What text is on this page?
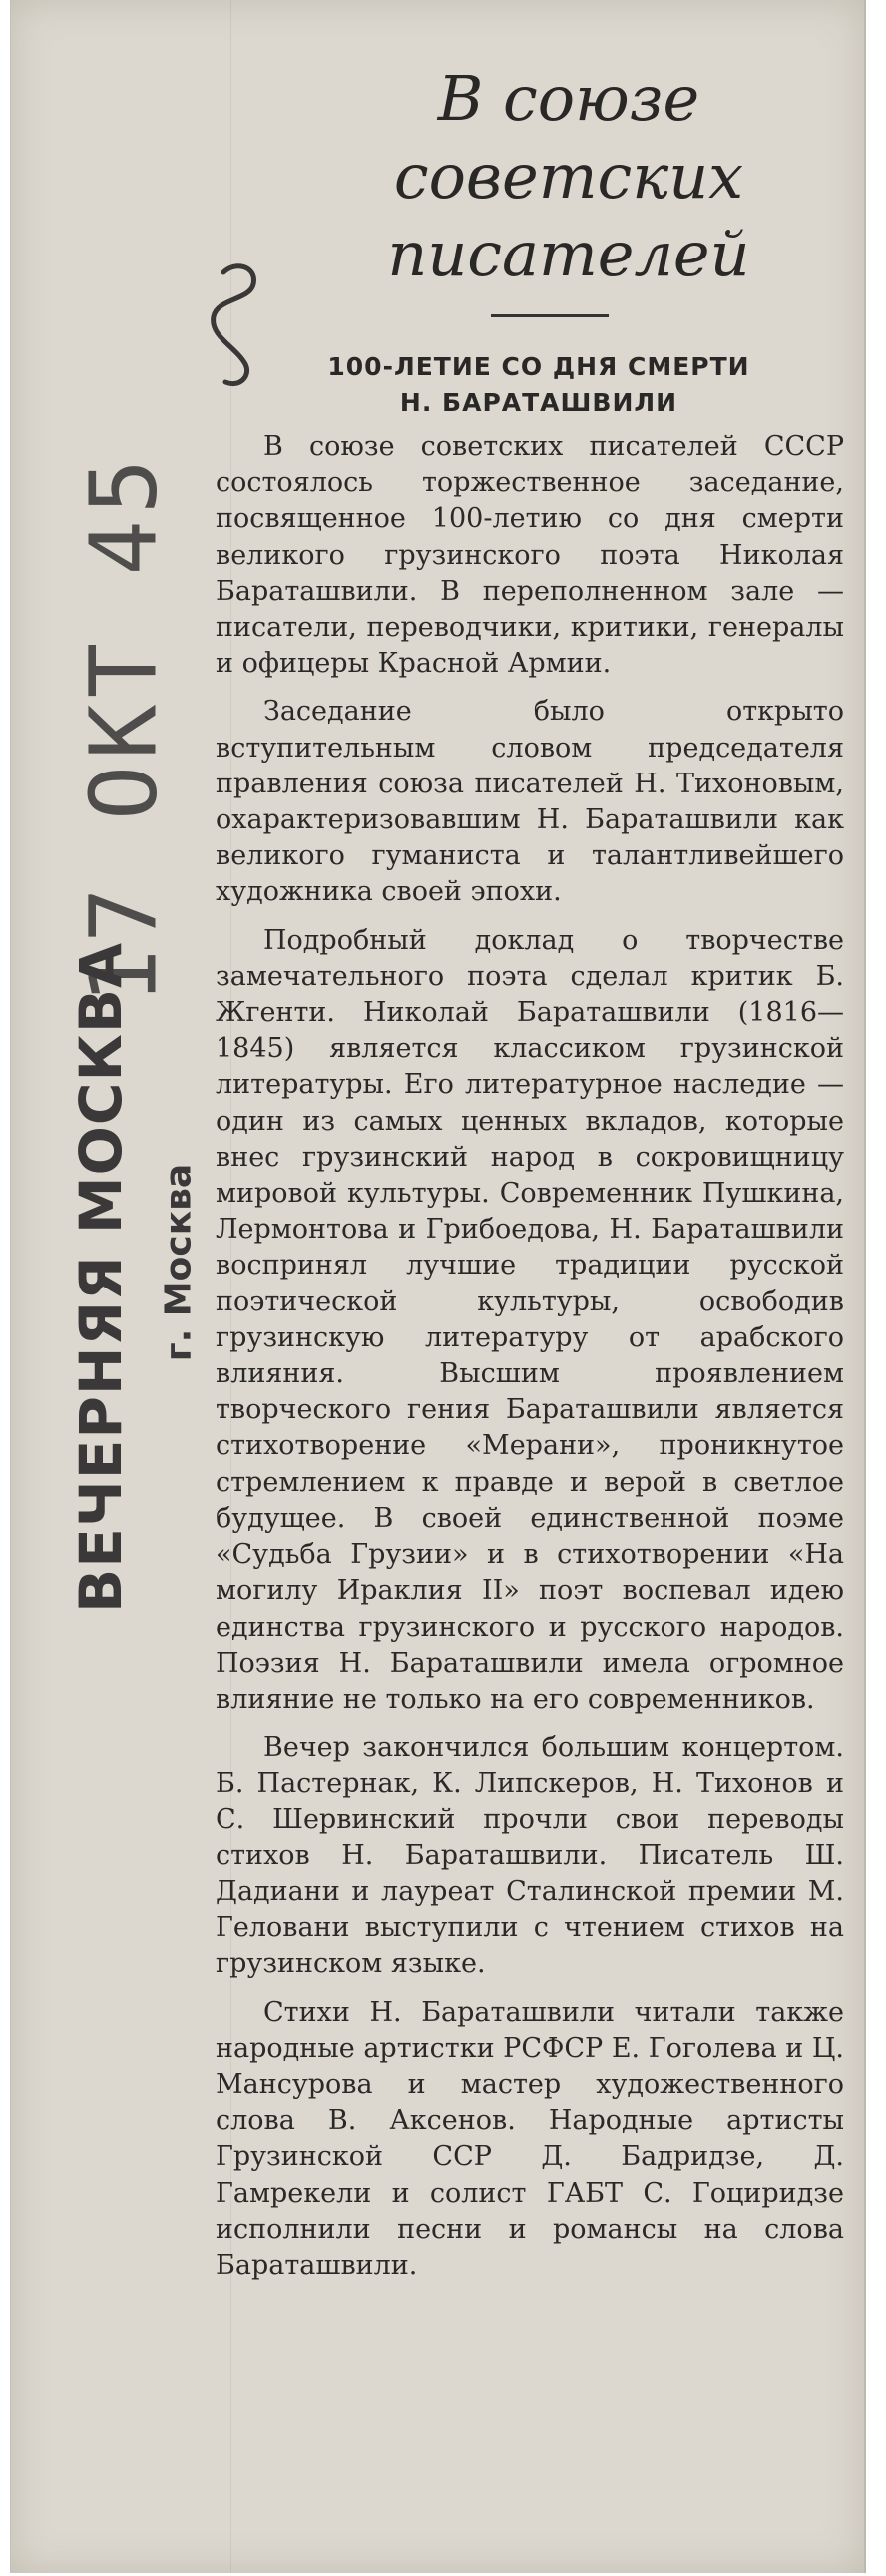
17 ОКТ 45
ВЕЧЕРНЯЯ МОСКВА г. Москва
В союзе
советских
писателей
100-ЛЕТИЕ СО ДНЯ СМЕРТИ
Н. БАРАТАШВИЛИ

В союзе советских писателей СССР состоялось торжественное заседание, посвященное 100-летию со дня смерти великого грузинского поэта Николая Бараташвили. В переполненном зале — писатели, переводчики, критики, генералы и офицеры Красной Армии.

Заседание было открыто вступительным словом председателя правления союза писателей Н. Тихоновым, охарактеризовавшим Н. Бараташвили как великого гуманиста и талантливейшего художника своей эпохи.

Подробный доклад о творчестве замечательного поэта сделал критик Б. Жгенти. Николай Бараташвили (1816—1845) является классиком грузинской литературы. Его литературное наследие — один из самых ценных вкладов, которые внес грузинский народ в сокровищницу мировой культуры. Современник Пушкина, Лермонтова и Грибоедова, Н. Бараташвили воспринял лучшие традиции русской поэтической культуры, освободив грузинскую литературу от арабского влияния. Высшим проявлением творческого гения Бараташвили является стихотворение «Мерани», проникнутое стремлением к правде и верой в светлое будущее. В своей единственной поэме «Судьба Грузии» и в стихотворении «На могилу Ираклия II» поэт воспевал идею единства грузинского и русского народов. Поэзия Н. Бараташвили имела огромное влияние не только на его современников.

Вечер закончился большим концертом. Б. Пастернак, К. Липскеров, Н. Тихонов и С. Шервинский прочли свои переводы стихов Н. Бараташвили. Писатель Ш. Дадиани и лауреат Сталинской премии М. Геловани выступили с чтением стихов на грузинском языке.

Стихи Н. Бараташвили читали также народные артистки РСФСР Е. Гоголева и Ц. Мансурова и мастер художественного слова В. Аксенов. Народные артисты Грузинской ССР Д. Бадридзе, Д. Гамрекели и солист ГАБТ С. Гоциридзе исполнили песни и романсы на слова Бараташвили.
